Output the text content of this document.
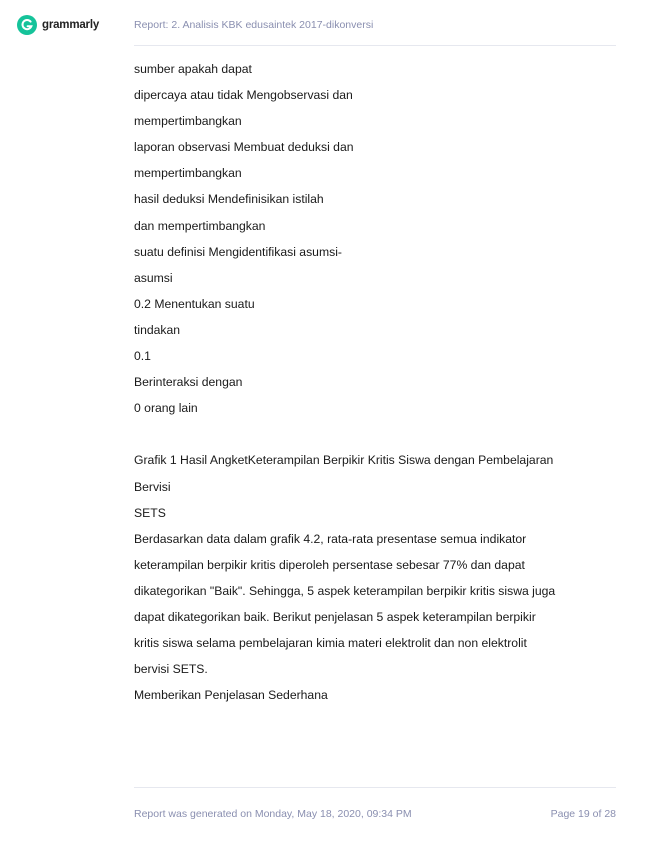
grammarly	Report: 2. Analisis KBK edusaintek 2017-dikonversi
sumber apakah dapat
dipercaya atau tidak Mengobservasi dan
mempertimbangkan
laporan observasi Membuat deduksi dan
mempertimbangkan
hasil deduksi Mendefinisikan istilah
dan mempertimbangkan
suatu definisi Mengidentifikasi asumsi-
asumsi
0.2 Menentukan suatu
tindakan
0.1
Berinteraksi dengan
0 orang lain
Grafik 1 Hasil AngketKeterampilan Berpikir Kritis Siswa dengan Pembelajaran
Bervisi
SETS
Berdasarkan data dalam grafik 4.2, rata-rata presentase semua indikator
keterampilan berpikir kritis diperoleh persentase sebesar 77% dan dapat
dikategorikan "Baik". Sehingga, 5 aspek keterampilan berpikir kritis siswa juga
dapat dikategorikan baik. Berikut penjelasan 5 aspek keterampilan berpikir
kritis siswa selama pembelajaran kimia materi elektrolit dan non elektrolit
bervisi SETS.
Memberikan Penjelasan Sederhana
Report was generated on Monday, May 18, 2020, 09:34 PM	Page 19 of 28
